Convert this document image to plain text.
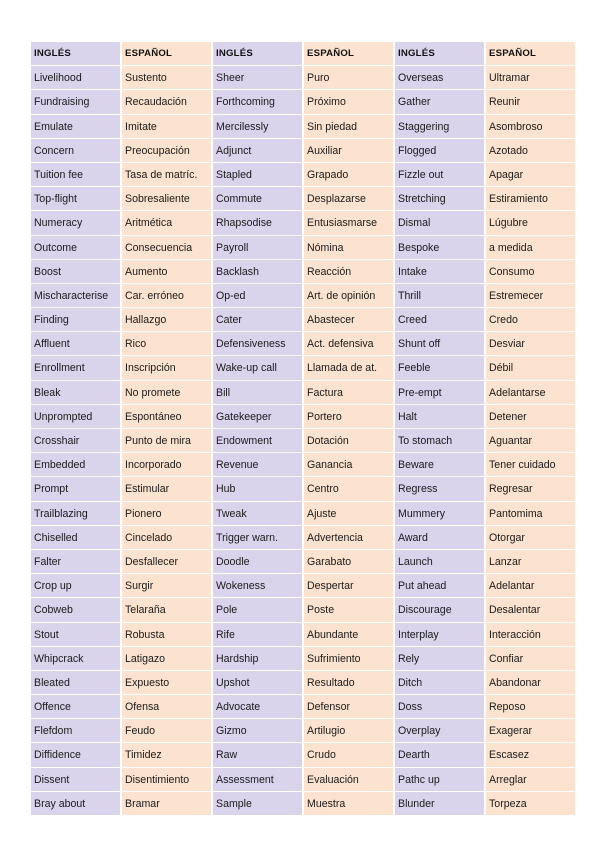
INGLÉS	ESPAÑOL	INGLÉS	ESPAÑOL	INGLÉS	ESPAÑOL
Livelihood	Sustento	Sheer	Puro	Overseas	Ultramar
Fundraising	Recaudación	Forthcoming	Próximo	Gather	Reunir
Emulate	Imitate	Mercilessly	Sin piedad	Staggering	Asombroso
Concern	Preocupación	Adjunct	Auxiliar	Flogged	Azotado
Tuition fee	Tasa de matríc.	Stapled	Grapado	Fizzle out	Apagar
Top-flight	Sobresaliente	Commute	Desplazarse	Stretching	Estiramiento
Numeracy	Aritmética	Rhapsodise	Entusiasmarse	Dismal	Lúgubre
Outcome	Consecuencia	Payroll	Nómina	Bespoke	a medida
Boost	Aumento	Backlash	Reacción	Intake	Consumo
Mischaracterise	Car. erróneo	Op-ed	Art. de opinión	Thrill	Estremecer
Finding	Hallazgo	Cater	Abastecer	Creed	Credo
Affluent	Rico	Defensiveness	Act. defensiva	Shunt off	Desviar
Enrollment	Inscripción	Wake-up call	Llamada de at.	Feeble	Débil
Bleak	No promete	Bill	Factura	Pre-empt	Adelantarse
Unprompted	Espontáneo	Gatekeeper	Portero	Halt	Detener
Crosshair	Punto de mira	Endowment	Dotación	To stomach	Aguantar
Embedded	Incorporado	Revenue	Ganancia	Beware	Tener cuidado
Prompt	Estimular	Hub	Centro	Regress	Regresar
Trailblazing	Pionero	Tweak	Ajuste	Mummery	Pantomima
Chiselled	Cincelado	Trigger warn.	Advertencia	Award	Otorgar
Falter	Desfallecer	Doodle	Garabato	Launch	Lanzar
Crop up	Surgir	Wokeness	Despertar	Put ahead	Adelantar
Cobweb	Telaraña	Pole	Poste	Discourage	Desalentar
Stout	Robusta	Rife	Abundante	Interplay	Interacción
Whipcrack	Latigazo	Hardship	Sufrimiento	Rely	Confiar
Bleated	Expuesto	Upshot	Resultado	Ditch	Abandonar
Offence	Ofensa	Advocate	Defensor	Doss	Reposo
Flefdom	Feudo	Gizmo	Artilugio	Overplay	Exagerar
Diffidence	Timidez	Raw	Crudo	Dearth	Escasez
Dissent	Disentimiento	Assessment	Evaluación	Pathc up	Arreglar
Bray about	Bramar	Sample	Muestra	Blunder	Torpeza
